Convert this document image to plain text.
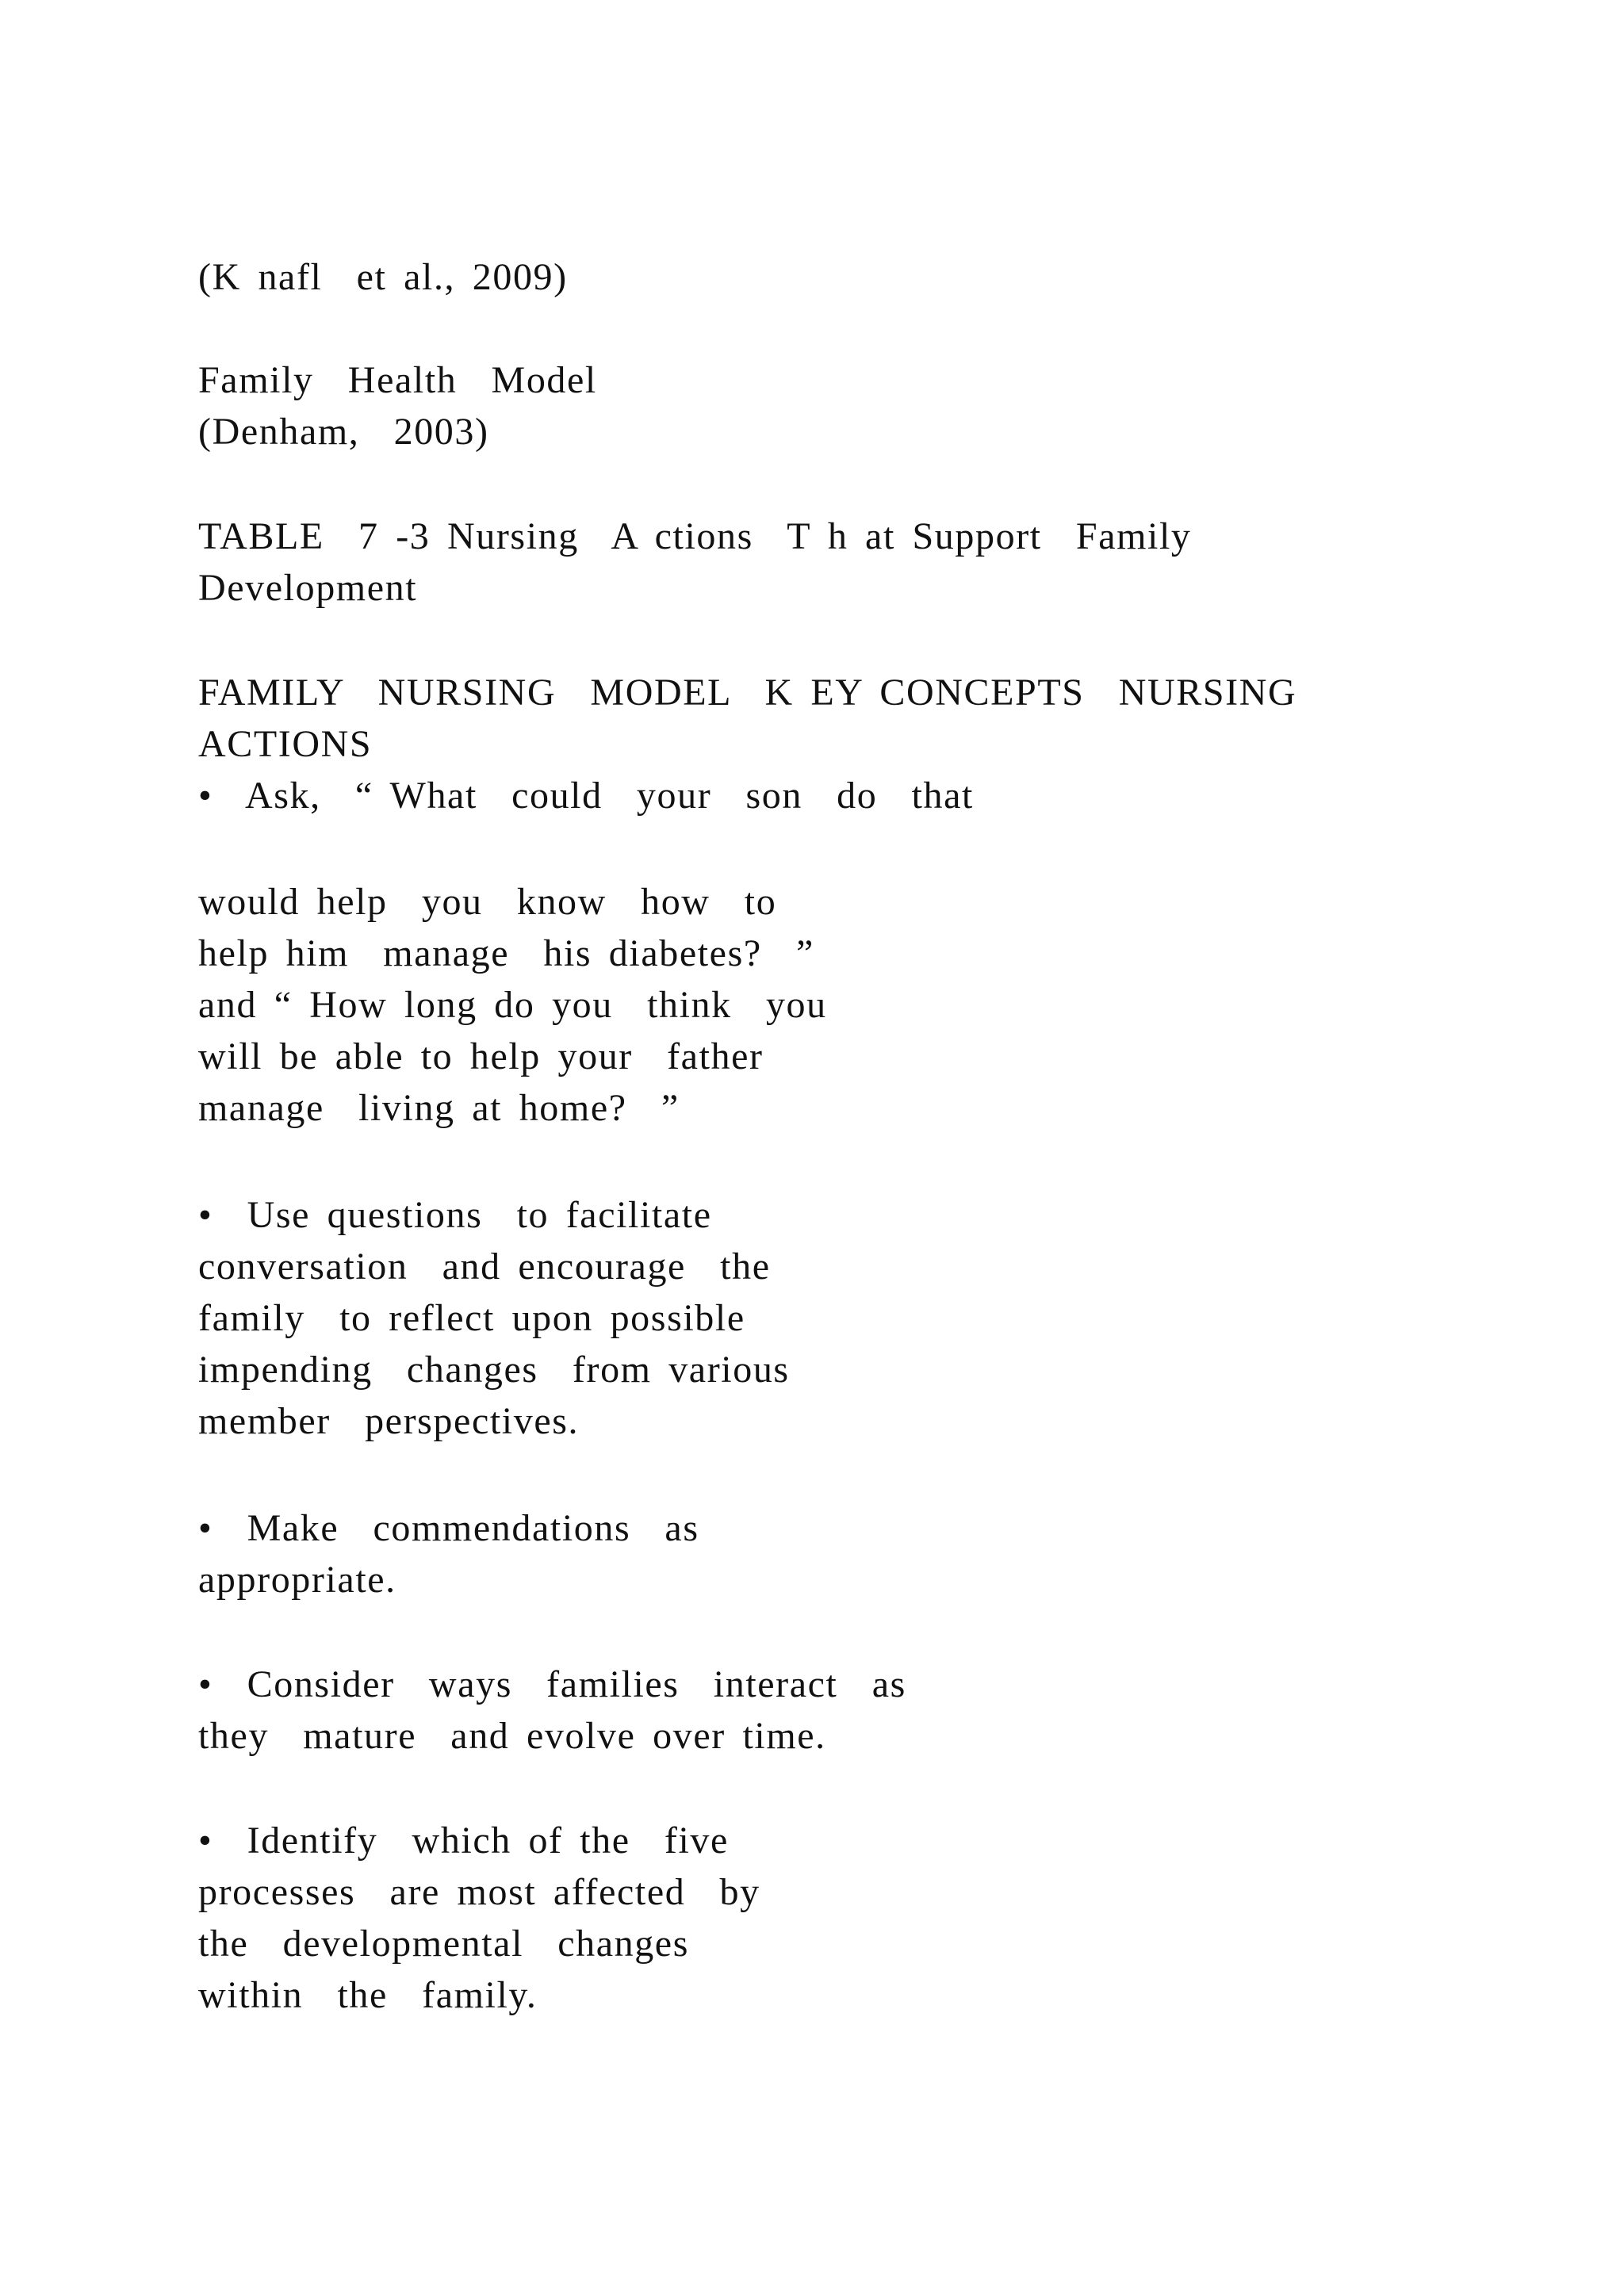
(K nafl  et al., 2009)
Family  Health  Model
(Denham,  2003)
TABLE  7 -3 Nursing  A ctions  T h at Support  Family
Development
FAMILY  NURSING  MODEL  K EY CONCEPTS  NURSING
ACTIONS
•  Ask,  “ What  could  your  son  do  that
would help  you  know  how  to
help him  manage  his diabetes?  ”
and “ How long do you  think  you
will be able to help your  father
manage  living at home?  ”
•  Use questions  to facilitate
conversation  and encourage  the
family  to reflect upon possible
impending  changes  from various
member  perspectives.
•  Make  commendations  as
appropriate.
•  Consider  ways  families  interact  as
they  mature  and evolve over time.
•  Identify  which of the  five
processes  are most affected  by
the  developmental  changes
within  the  family.
